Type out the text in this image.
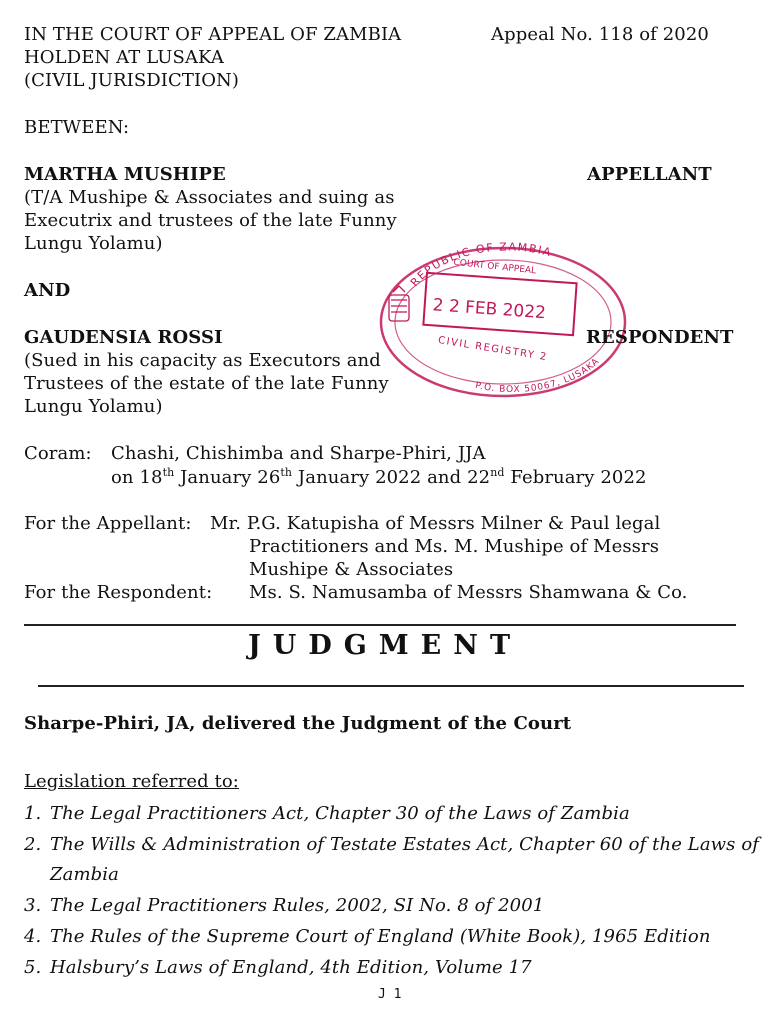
IN THE COURT OF APPEAL OF ZAMBIA	Appeal No. 118 of 2020
HOLDEN AT LUSAKA
(CIVIL JURISDICTION)
BETWEEN:
MARTHA MUSHIPE	APPELLANT
(T/A Mushipe & Associates and suing as
Executrix and trustees of the late Funny
Lungu Yolamu)
AND	REPUBLIC OF ZAMBIA
COURT OF APPEAL
2 2 FEB 2022
CIVIL REGISTRY 2
P.O. BOX 50067, LUSAKA
GAUDENSIA ROSSI	RESPONDENT
(Sued in his capacity as Executors and
Trustees of the estate of the late Funny
Lungu Yolamu)
Coram: Chashi, Chishimba and Sharpe-Phiri, JJA
on 18th January 26th January 2022 and 22nd February 2022
For the Appellant: Mr. P.G. Katupisha of Messrs Milner & Paul legal
Practitioners and Ms. M. Mushipe of Messrs
Mushipe & Associates
For the Respondent: Ms. S. Namusamba of Messrs Shamwana & Co.
JUDGMENT
Sharpe-Phiri, JA, delivered the Judgment of the Court
Legislation referred to:
1. The Legal Practitioners Act, Chapter 30 of the Laws of Zambia
2. The Wills & Administration of Testate Estates Act, Chapter 60 of the Laws of
Zambia
3. The Legal Practitioners Rules, 2002, SI No. 8 of 2001
4. The Rules of the Supreme Court of England (White Book), 1965 Edition
5. Halsbury’s Laws of England, 4th Edition, Volume 17
J 1
